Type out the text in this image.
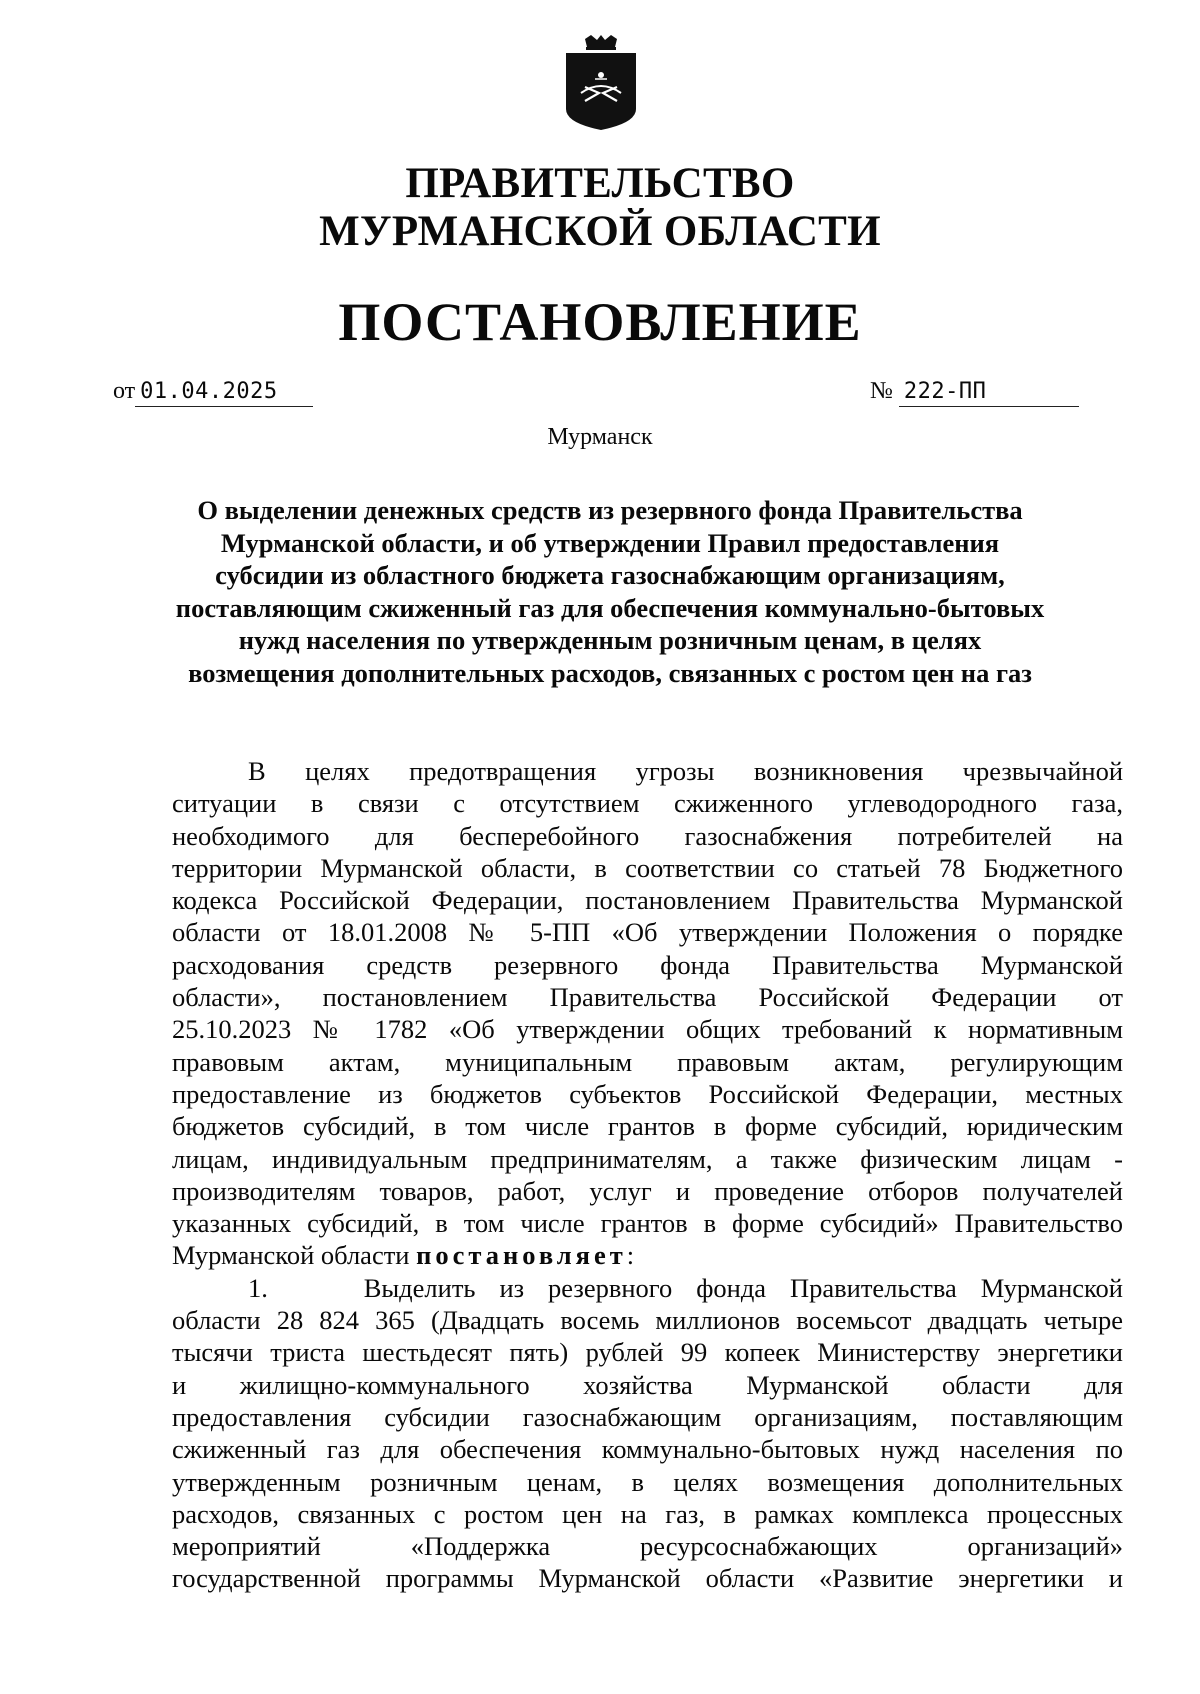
ПРАВИТЕЛЬСТВО
МУРМАНСКОЙ ОБЛАСТИ
ПОСТАНОВЛЕНИЕ
от 01.04.2025	№ 222-ПП
Мурманск
О выделении денежных средств из резервного фонда Правительства
Мурманской области, и об утверждении Правил предоставления
субсидии из областного бюджета газоснабжающим организациям,
поставляющим сжиженный газ для обеспечения коммунально-бытовых
нужд населения по утвержденным розничным ценам, в целях
возмещения дополнительных расходов, связанных с ростом цен на газ
В целях предотвращения угрозы возникновения чрезвычайной
ситуации в связи с отсутствием сжиженного углеводородного газа,
необходимого для бесперебойного газоснабжения потребителей на
территории Мурманской области, в соответствии со статьей 78 Бюджетного
кодекса Российской Федерации, постановлением Правительства Мурманской
области от 18.01.2008 № 5-ПП «Об утверждении Положения о порядке
расходования средств резервного фонда Правительства Мурманской
области», постановлением Правительства Российской Федерации от
25.10.2023 № 1782 «Об утверждении общих требований к нормативным
правовым актам, муниципальным правовым актам, регулирующим
предоставление из бюджетов субъектов Российской Федерации, местных
бюджетов субсидий, в том числе грантов в форме субсидий, юридическим
лицам, индивидуальным предпринимателям, а также физическим лицам -
производителям товаров, работ, услуг и проведение отборов получателей
указанных субсидий, в том числе грантов в форме субсидий» Правительство
Мурманской области постановляет:
1.    Выделить из резервного фонда Правительства Мурманской
области 28 824 365 (Двадцать восемь миллионов восемьсот двадцать четыре
тысячи триста шестьдесят пять) рублей 99 копеек Министерству энергетики
и жилищно-коммунального хозяйства Мурманской области для
предоставления субсидии газоснабжающим организациям, поставляющим
сжиженный газ для обеспечения коммунально-бытовых нужд населения по
утвержденным розничным ценам, в целях возмещения дополнительных
расходов, связанных с ростом цен на газ, в рамках комплекса процессных
мероприятий «Поддержка ресурсоснабжающих организаций»
государственной программы Мурманской области «Развитие энергетики и
